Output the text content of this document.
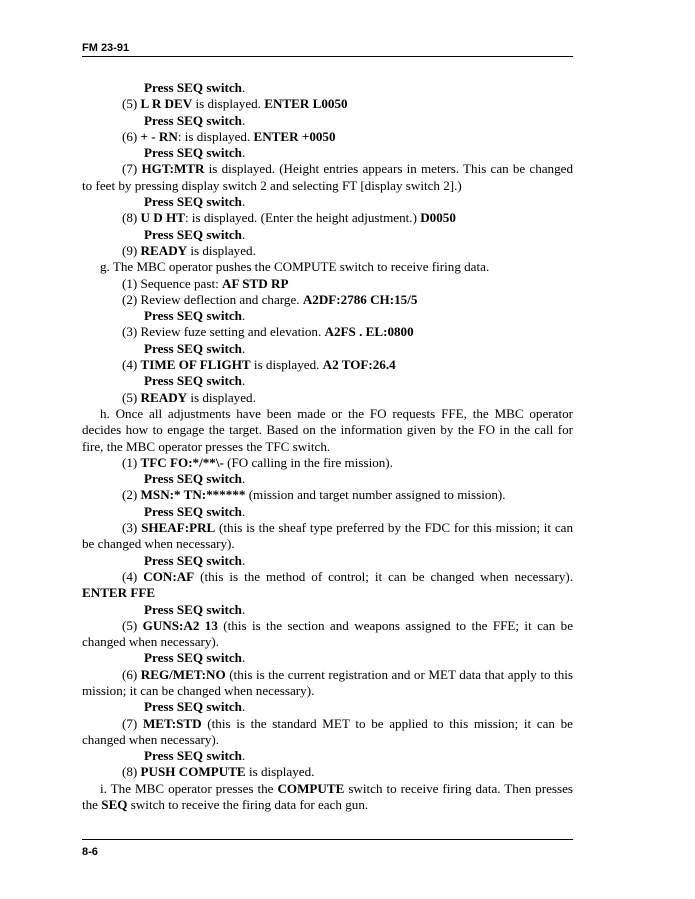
FM 23-91
Press SEQ switch.
(5) L R DEV is displayed. ENTER L0050
Press SEQ switch.
(6) + - RN: is displayed. ENTER +0050
Press SEQ switch.
(7) HGT:MTR is displayed. (Height entries appears in meters. This can be changed to feet by pressing display switch 2 and selecting FT [display switch 2].)
Press SEQ switch.
(8) U D HT: is displayed. (Enter the height adjustment.) D0050
Press SEQ switch.
(9) READY is displayed.
g. The MBC operator pushes the COMPUTE switch to receive firing data.
(1) Sequence past: AF STD RP
(2) Review deflection and charge. A2DF:2786 CH:15/5
Press SEQ switch.
(3) Review fuze setting and elevation. A2FS . EL:0800
Press SEQ switch.
(4) TIME OF FLIGHT is displayed. A2 TOF:26.4
Press SEQ switch.
(5) READY is displayed.
h. Once all adjustments have been made or the FO requests FFE, the MBC operator decides how to engage the target. Based on the information given by the FO in the call for fire, the MBC operator presses the TFC switch.
(1) TFC FO:*/**\- (FO calling in the fire mission).
Press SEQ switch.
(2) MSN:* TN:****** (mission and target number assigned to mission).
Press SEQ switch.
(3) SHEAF:PRL (this is the sheaf type preferred by the FDC for this mission; it can be changed when necessary).
Press SEQ switch.
(4) CON:AF (this is the method of control; it can be changed when necessary). ENTER FFE
Press SEQ switch.
(5) GUNS:A2 13 (this is the section and weapons assigned to the FFE; it can be changed when necessary).
Press SEQ switch.
(6) REG/MET:NO (this is the current registration and or MET data that apply to this mission; it can be changed when necessary).
Press SEQ switch.
(7) MET:STD (this is the standard MET to be applied to this mission; it can be changed when necessary).
Press SEQ switch.
(8) PUSH COMPUTE is displayed.
i. The MBC operator presses the COMPUTE switch to receive firing data. Then presses the SEQ switch to receive the firing data for each gun.
8-6
